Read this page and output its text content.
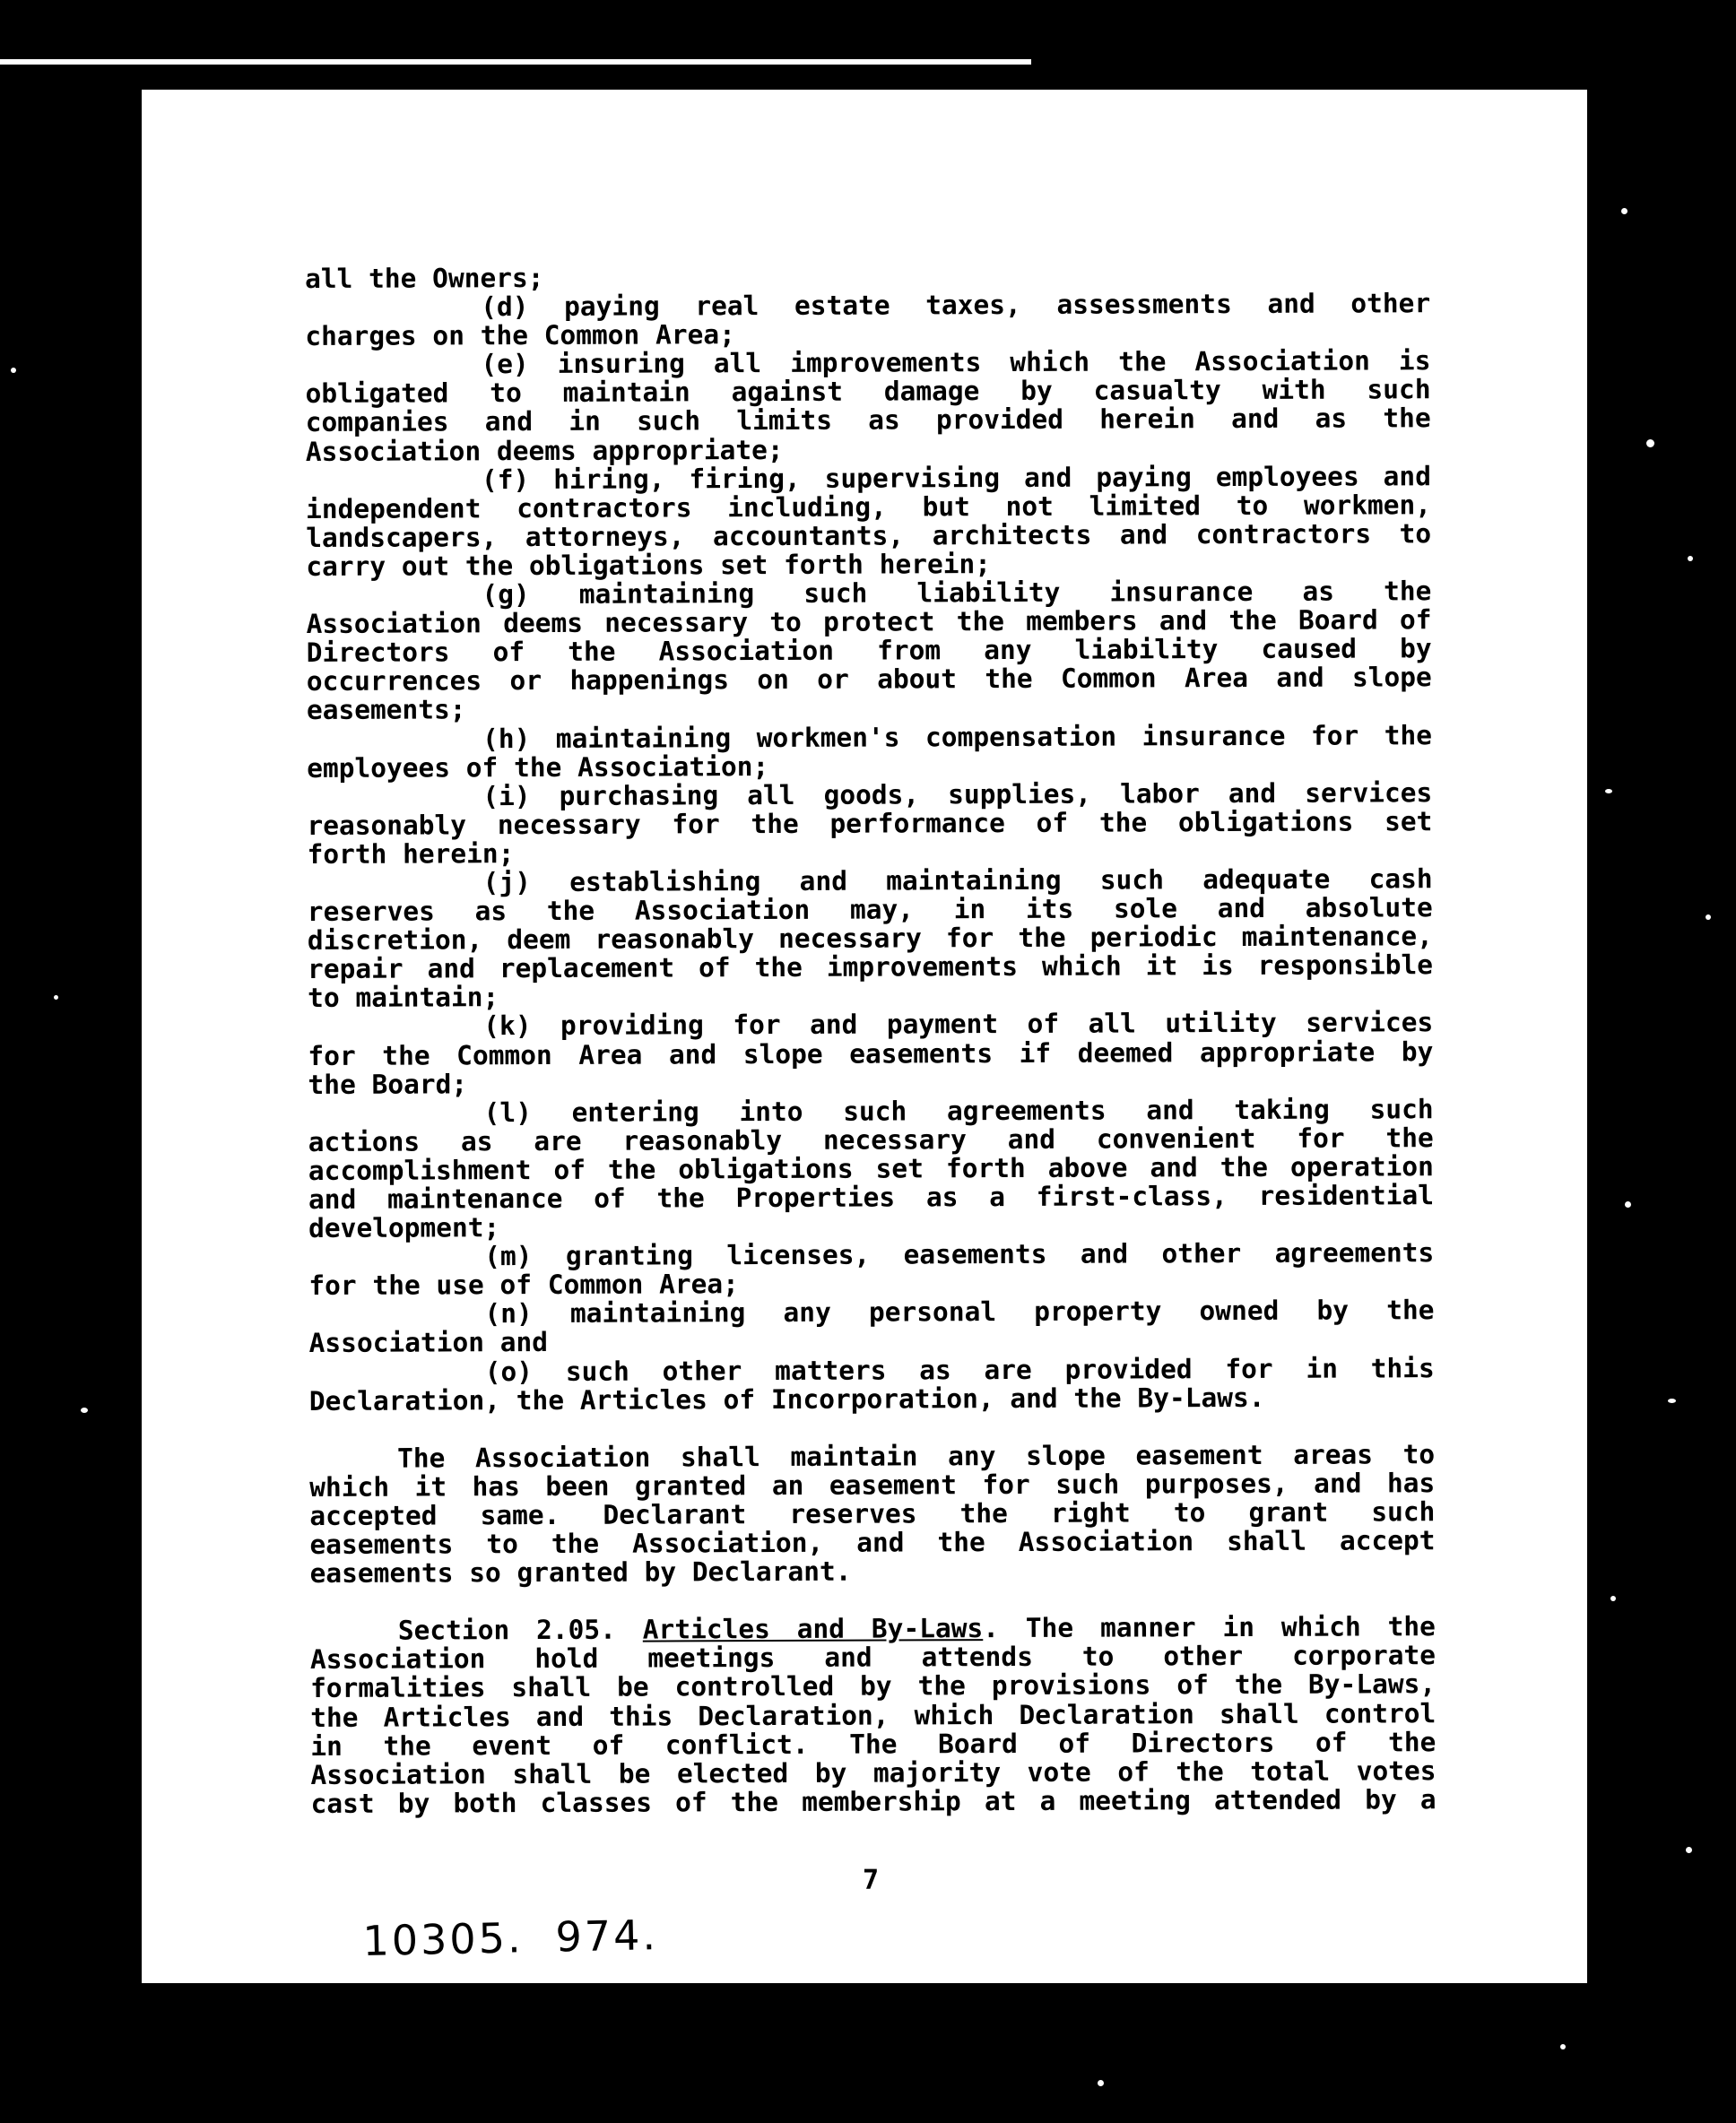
all the Owners;
(d) paying real estate taxes, assessments and other
charges on the Common Area;
(e) insuring all improvements which the Association is
obligated to maintain against damage by casualty with such
companies and in such limits as provided herein and as the
Association deems appropriate;
(f) hiring, firing, supervising and paying employees and
independent contractors including, but not limited to workmen,
landscapers, attorneys, accountants, architects and contractors to
carry out the obligations set forth herein;
(g) maintaining such liability insurance as the
Association deems necessary to protect the members and the Board of
Directors of the Association from any liability caused by
occurrences or happenings on or about the Common Area and slope
easements;
(h) maintaining workmen's compensation insurance for the
employees of the Association;
(i) purchasing all goods, supplies, labor and services
reasonably necessary for the performance of the obligations set
forth herein;
(j) establishing and maintaining such adequate cash
reserves as the Association may, in its sole and absolute
discretion, deem reasonably necessary for the periodic maintenance,
repair and replacement of the improvements which it is responsible
to maintain;
(k) providing for and payment of all utility services
for the Common Area and slope easements if deemed appropriate by
the Board;
(l) entering into such agreements and taking such
actions as are reasonably necessary and convenient for the
accomplishment of the obligations set forth above and the operation
and maintenance of the Properties as a first-class, residential
development;
(m) granting licenses, easements and other agreements
for the use of Common Area;
(n) maintaining any personal property owned by the
Association and
(o) such other matters as are provided for in this
Declaration, the Articles of Incorporation, and the By-Laws.
The Association shall maintain any slope easement areas to
which it has been granted an easement for such purposes, and has
accepted same. Declarant reserves the right to grant such
easements to the Association, and the Association shall accept
easements so granted by Declarant.
Section 2.05. Articles and By-Laws. The manner in which the
Association hold meetings and attends to other corporate
formalities shall be controlled by the provisions of the By-Laws,
the Articles and this Declaration, which Declaration shall control
in the event of conflict. The Board of Directors of the
Association shall be elected by majority vote of the total votes
cast by both classes of the membership at a meeting attended by a
7
10305. 974.
